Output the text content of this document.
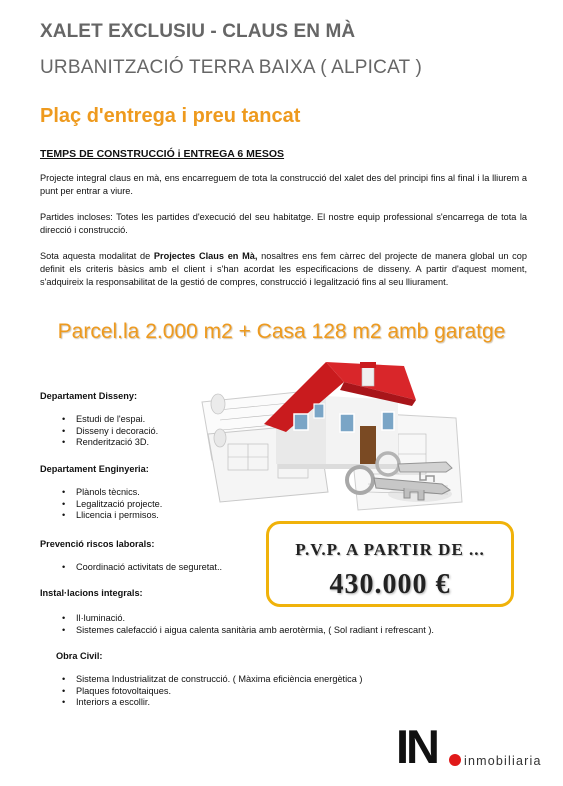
XALET EXCLUSIU - CLAUS EN MÀ
URBANITZACIÓ TERRA BAIXA ( ALPICAT )
Plaç d'entrega i preu tancat
TEMPS DE CONSTRUCCIÓ i ENTREGA 6 MESOS

Projecte integral claus en mà, ens encarreguem de tota la construcció del xalet des del principi fins al final i la lliurem a punt per entrar a viure.

Partides incloses: Totes les partides d'execució del seu habitatge. El nostre equip professional s'encarrega de tota la direcció i construcció.

Sota aquesta modalitat de Projectes Claus en Mà, nosaltres ens fem càrrec del projecte de manera global un cop definit els criteris bàsics amb el client i s'han acordat les especificacions de disseny. A partir d'aquest moment, s'adquireix la responsabilitat de la gestió de compres, construcció i legalització fins al seu lliurament.

Parcel.la 2.000 m2 + Casa 128 m2 amb garatge
Departament Disseny:
• Estudi de l'espai.
• Disseny i decoració.
• Renderització 3D.
Departament Enginyeria:
• Plànols tècnics.
• Legalització projecte.
• Llicencia i permisos.
Prevenció riscos laborals:
• Coordinació activitats de seguretat..
Instal·lacions integrals:
• Il·luminació.
• Sistemes calefacció i aigua calenta sanitària amb aerotèrmia, ( Sol radiant i refrescant ).
Obra Civil:
• Sistema Industrialitzat de construcció. ( Màxima eficiència energètica )
• Plaques fotovoltaiques.
• Interiors a escollir.
P.V.P. A PARTIR DE ...
430.000 €
IN inmobiliaria
